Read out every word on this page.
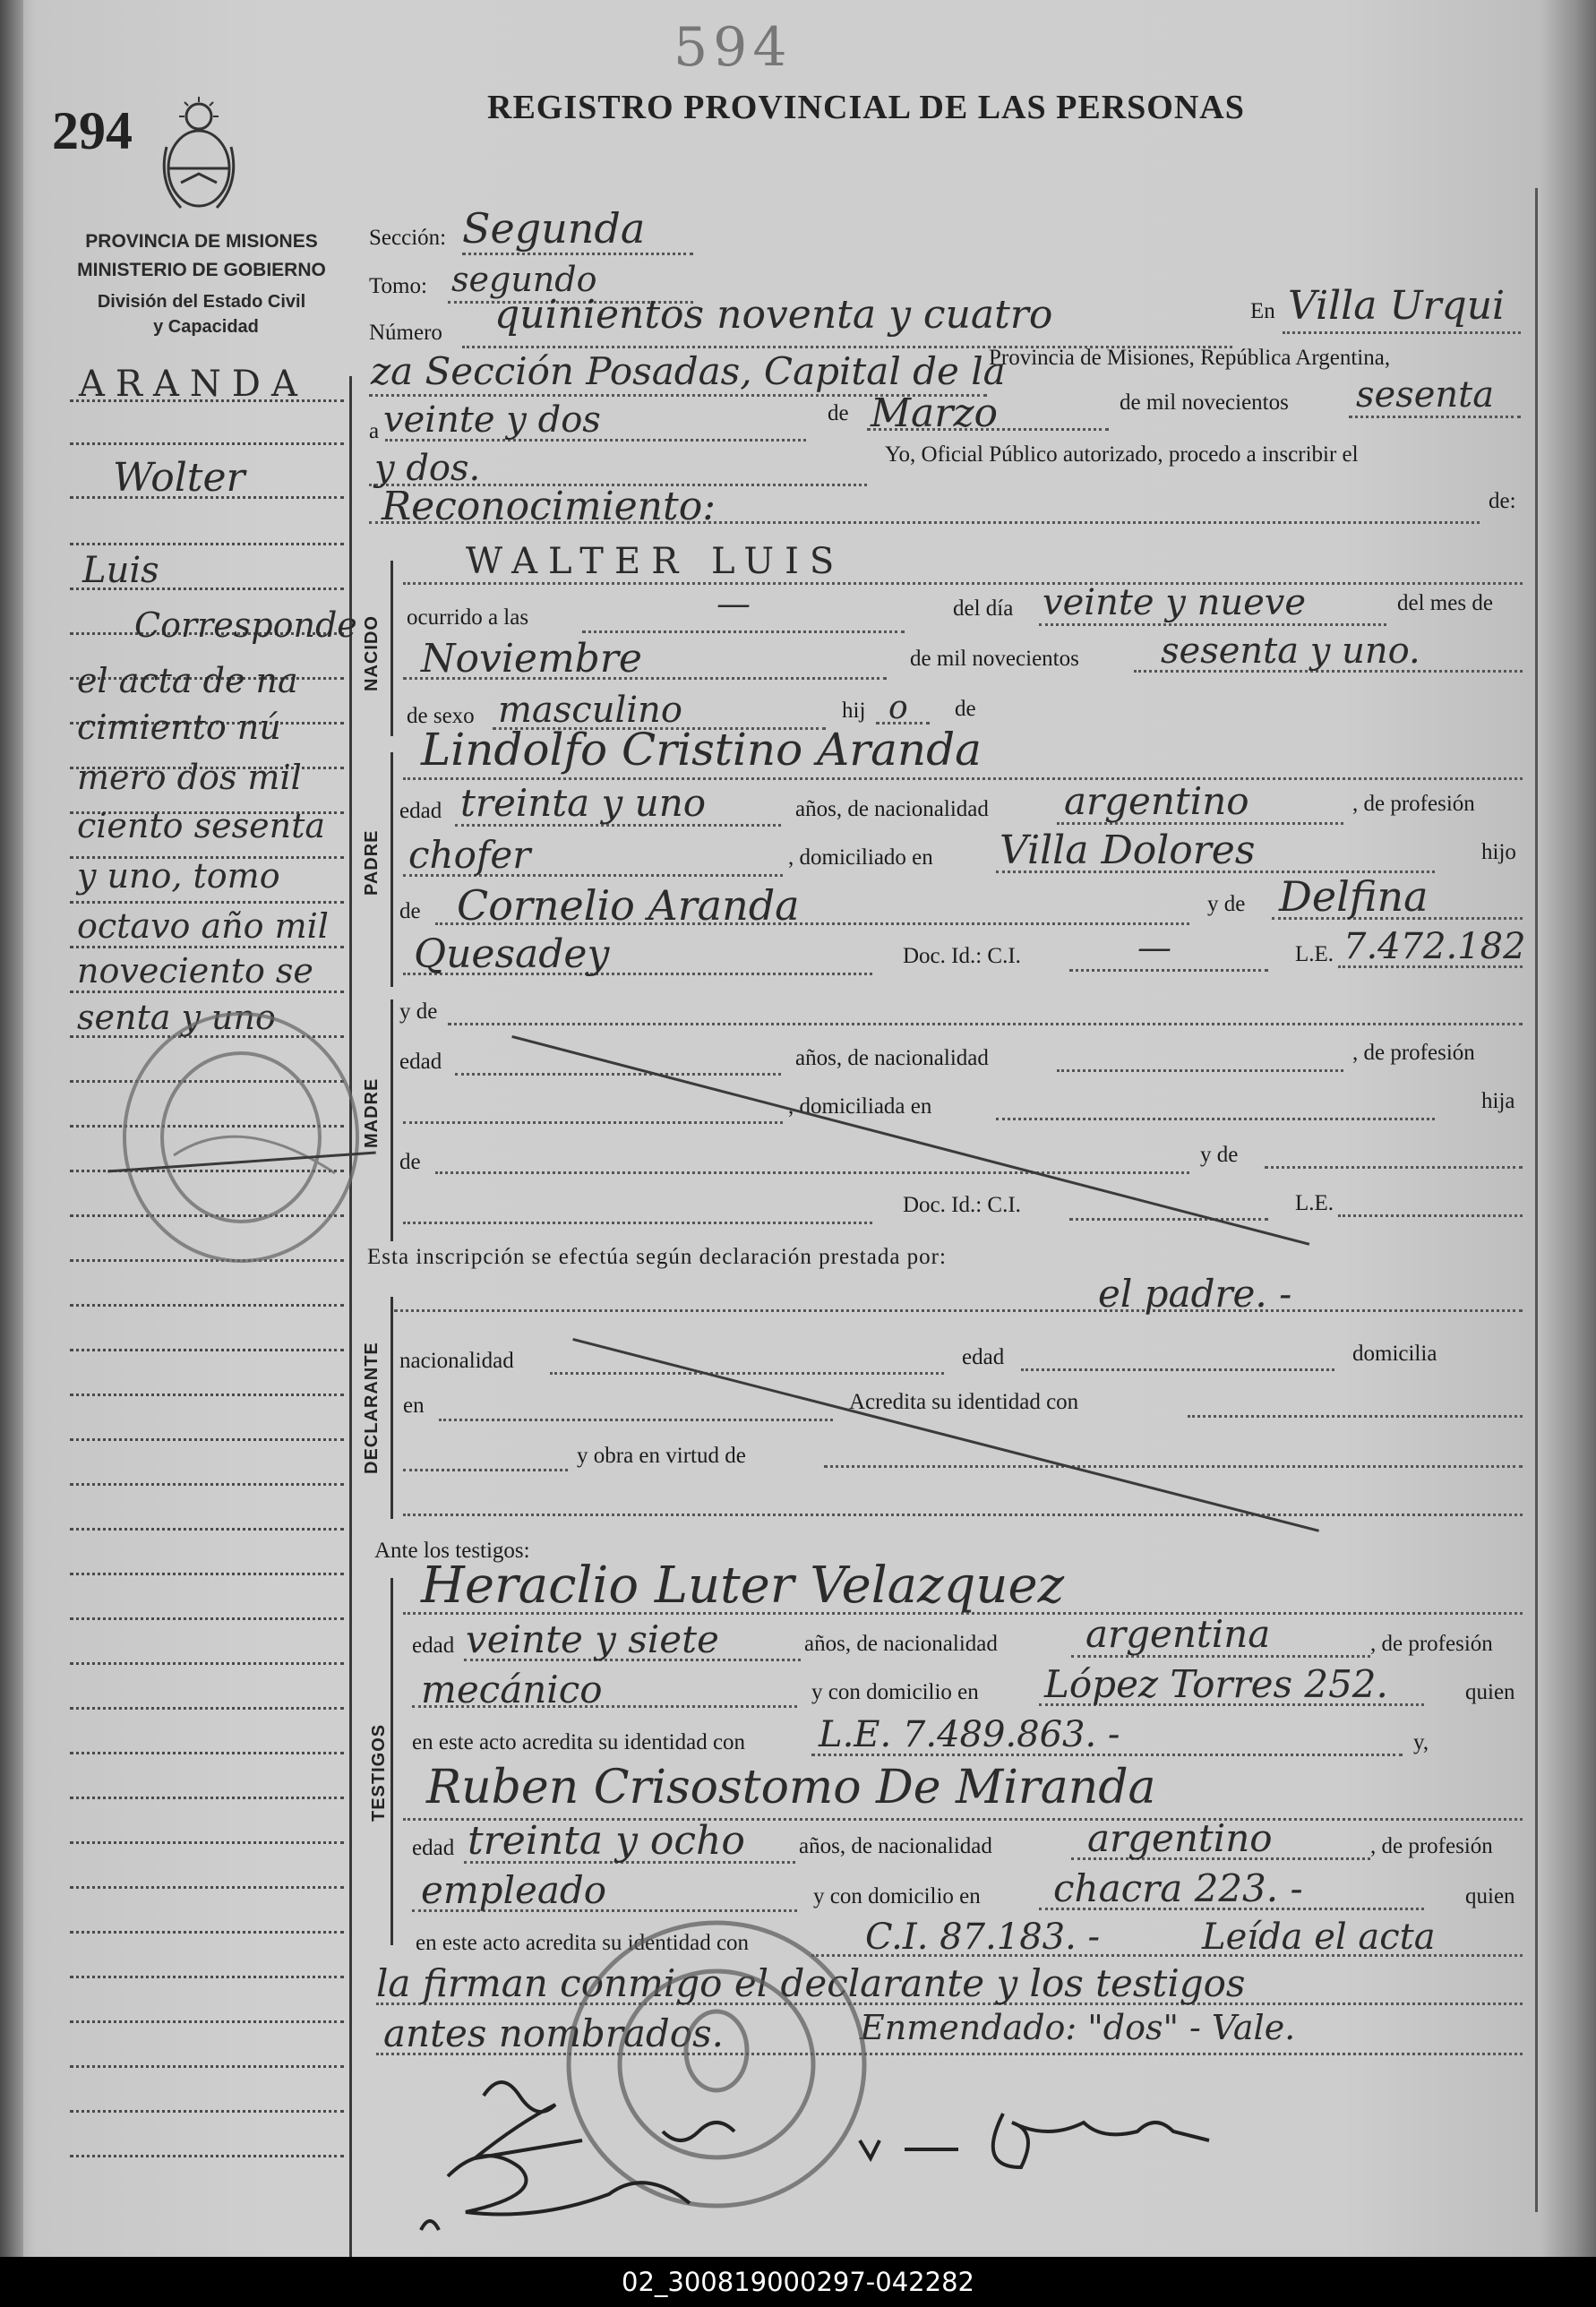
594
294	REGISTRO PROVINCIAL DE LAS PERSONAS
PROVINCIA DE MISIONES
MINISTERIO DE GOBIERNO
División del Estado Civil
y Capacidad
ARANDA
Wolter
Luis
Corresponde
el acta de na
cimiento nú
mero dos mil
ciento sesenta
y uno, tomo
octavo año mil
noveciento se
senta y uno
Sección: Segunda
Tomo: segundo
Número quinientos noventa y cuatro	En Villa Urqui
za Sección Posadas, Capital de la
Provincia de Misiones, República Argentina,
a veinte y dos	de Marzo	de mil novecientos sesenta
y dos.	Yo, Oficial Público autorizado, procedo a inscribir el
Reconocimiento:	de:
NACIDO
WALTER LUIS
ocurrido a las	—	del día veinte y nueve	del mes de
Noviembre	de mil novecientos sesenta y uno.
de sexo masculino	hij o de
PADRE
Lindolfo Cristino Aranda
edad treinta y uno	años, de nacionalidad argentino	, de profesión
chofer	, domiciliado en Villa Dolores	hijo
de Cornelio Aranda	y de Delfina
Quesadey	Doc. Id.: C.I.	—	L.E. 7.472.182
MADRE
y de
edad	años, de nacionalidad	, de profesión
, domiciliada en	hija
de	y de
Doc. Id.: C.I.	L.E.
Esta inscripción se efectúa según declaración prestada por:
el padre. -
DECLARANTE nacionalidad	edad	domicilia
en	Acredita su identidad con
y obra en virtud de
Ante los testigos:
TESTIGOS
Heraclio Luter Velazquez
edad veinte y siete	años, de nacionalidad argentina	, de profesión
mecánico	y con domicilio en López Torres 252.	quien
en este acto acredita su identidad con L.E. 7.489.863. -	y,
Ruben Crisostomo De Miranda
edad treinta y ocho años, de nacionalidad	argentino	, de profesión
empleado	y con domicilio en chacra 223. -	quien
en este acto acredita su identidad con	C.I. 87.183. -	Leída el acta
la firman conmigo el declarante y los testigos
antes nombrados.	Enmendado: "dos" - Vale.
02_300819000297-042282
